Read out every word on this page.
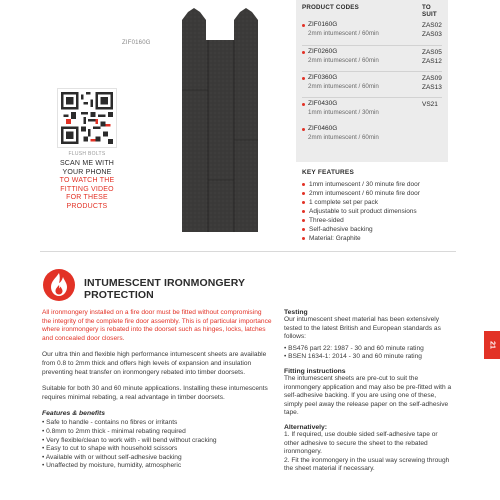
ZIF0160G
FLUSH BOLTS
SCAN ME WITH YOUR PHONE
TO WATCH THE FITTING VIDEO FOR THESE PRODUCTS
PRODUCT CODES	TO SUIT
ZIF0160G
2mm intumescent / 60min
ZAS02
ZAS03
ZIF0260G
2mm intumescent / 60min
ZAS05
ZAS12
ZIF0360G
2mm intumescent / 60min
ZAS09
ZAS13
ZIF0430G
1mm intumescent / 30min
VS21
ZIF0460G
2mm intumescent / 60min
KEY FEATURES
1mm intumescent / 30 minute fire door
2mm intumescent / 60 minute fire door
1 complete set per pack
Adjustable to suit product dimensions
Three-sided
Self-adhesive backing
Material: Graphite
INTUMESCENT IRONMONGERY
PROTECTION

All ironmongery installed on a fire door must be fitted without compromising the integrity of the complete fire door assembly. This is of particular importance where ironmongery is rebated into the doorset such as hinges, locks, latches and concealed door closers.

Our ultra thin and flexible high performance intumescent sheets are available from 0.8 to 2mm thick and offers high levels of expansion and insulation preventing heat transfer on ironmongery rebated into timber doorsets.

Suitable for both 30 and 60 minute applications. Installing these intumescents requires minimal rebating, a real advantage in timber doorsets.

Features & benefits
• Safe to handle - contains no fibres or irritants
• 0.8mm to 2mm thick - minimal rebating required
• Very flexible/clean to work with - will bend without cracking
• Easy to cut to shape with household scissors
• Available with or without self-adhesive backing
• Unaffected by moisture, humidity, atmospheric
Testing

Our intumescent sheet material has been extensively tested to the latest British and European standards as follows:

• BS476 part 22: 1987 - 30 and 60 minute rating
• BSEN 1634-1: 2014 - 30 and 60 minute rating
Fitting instructions

The intumescent sheets are pre-cut to suit the ironmongery application and may also be pre-fitted with a self-adhesive backing. If you are using one of these, simply peel away the release paper on the self-adhesive tape.

Alternatively:
1. If required, use double sided self-adhesive tape or other adhesive to secure the sheet to the rebated ironmongery.
2. Fit the ironmongery in the usual way screwing through the sheet material if necessary.
21
